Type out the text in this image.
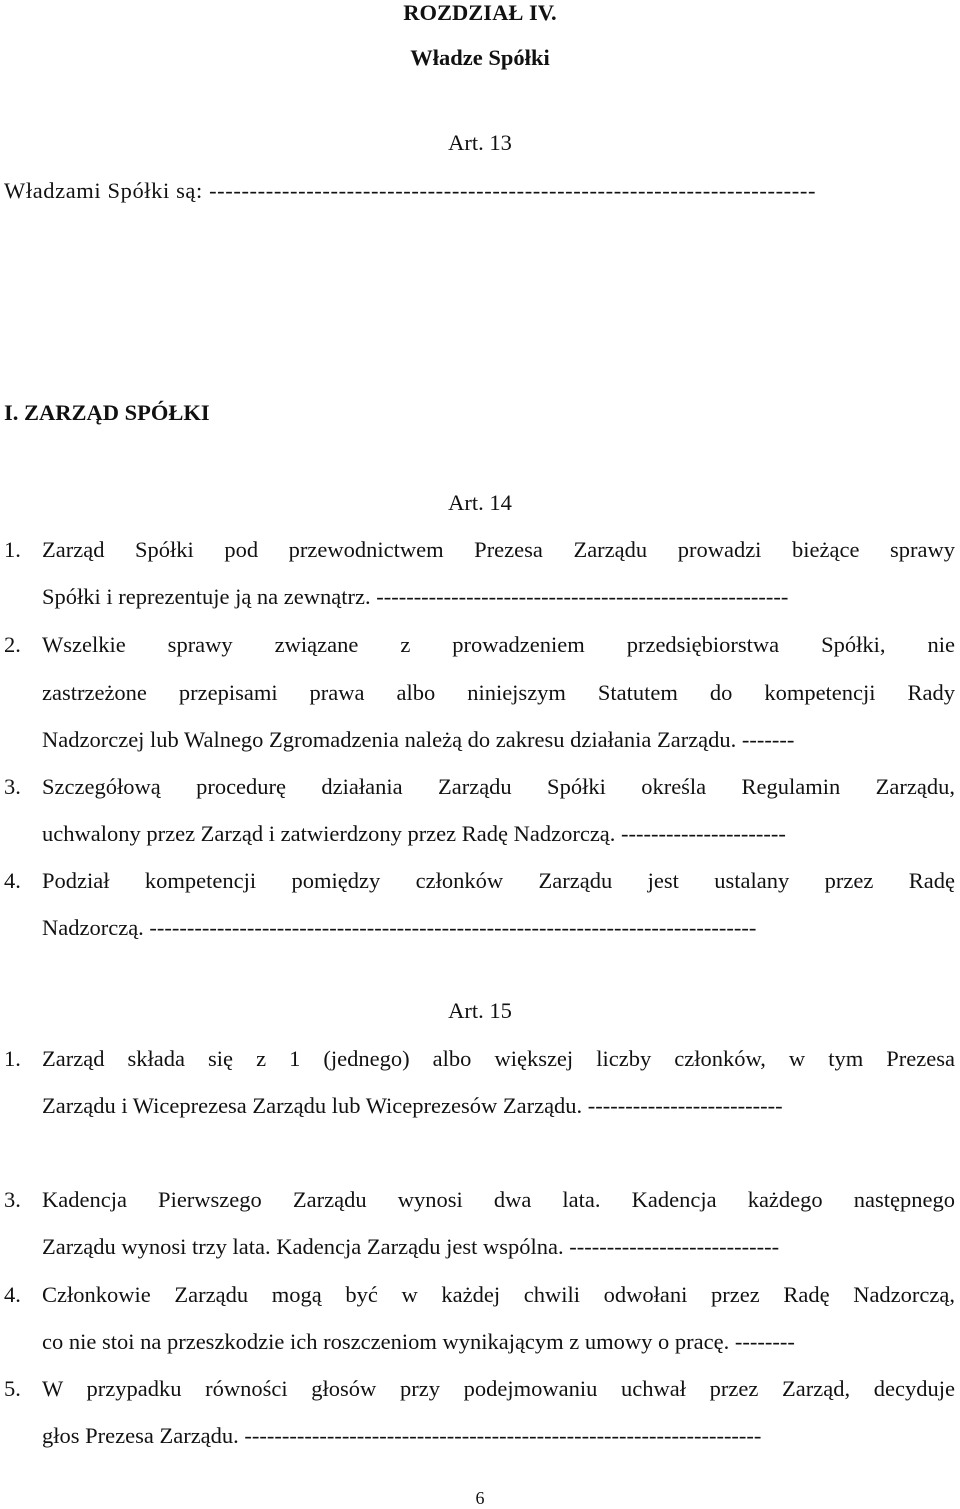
ROZDZIAŁ IV.
Władze Spółki
Art. 13
Władzami Spółki są: ---------------------------------------------------------------------------
I. ZARZĄD SPÓŁKI
Art. 14
1. Zarząd Spółki pod przewodnictwem Prezesa Zarządu prowadzi bieżące sprawy
Spółki i reprezentuje ją na zewnątrz. -------------------------------------------------------
2. Wszelkie sprawy związane z prowadzeniem przedsiębiorstwa Spółki, nie
zastrzeżone przepisami prawa albo niniejszym Statutem do kompetencji Rady
Nadzorczej lub Walnego Zgromadzenia należą do zakresu działania Zarządu. -------
3. Szczegółową procedurę działania Zarządu Spółki określa Regulamin Zarządu,
uchwalony przez Zarząd i zatwierdzony przez Radę Nadzorczą. ----------------------
4. Podział kompetencji pomiędzy członków Zarządu jest ustalany przez Radę
Nadzorczą. ---------------------------------------------------------------------------------
Art. 15
1. Zarząd składa się z 1 (jednego) albo większej liczby członków, w tym Prezesa
Zarządu i Wiceprezesa Zarządu lub Wiceprezesów Zarządu. --------------------------
3. Kadencja Pierwszego Zarządu wynosi dwa lata. Kadencja każdego następnego
Zarządu wynosi trzy lata. Kadencja Zarządu jest wspólna. ----------------------------
4. Członkowie Zarządu mogą być w każdej chwili odwołani przez Radę Nadzorczą,
co nie stoi na przeszkodzie ich roszczeniom wynikającym z umowy o pracę. --------
5. W przypadku równości głosów przy podejmowaniu uchwał przez Zarząd, decyduje
głos Prezesa Zarządu. ---------------------------------------------------------------------
6
